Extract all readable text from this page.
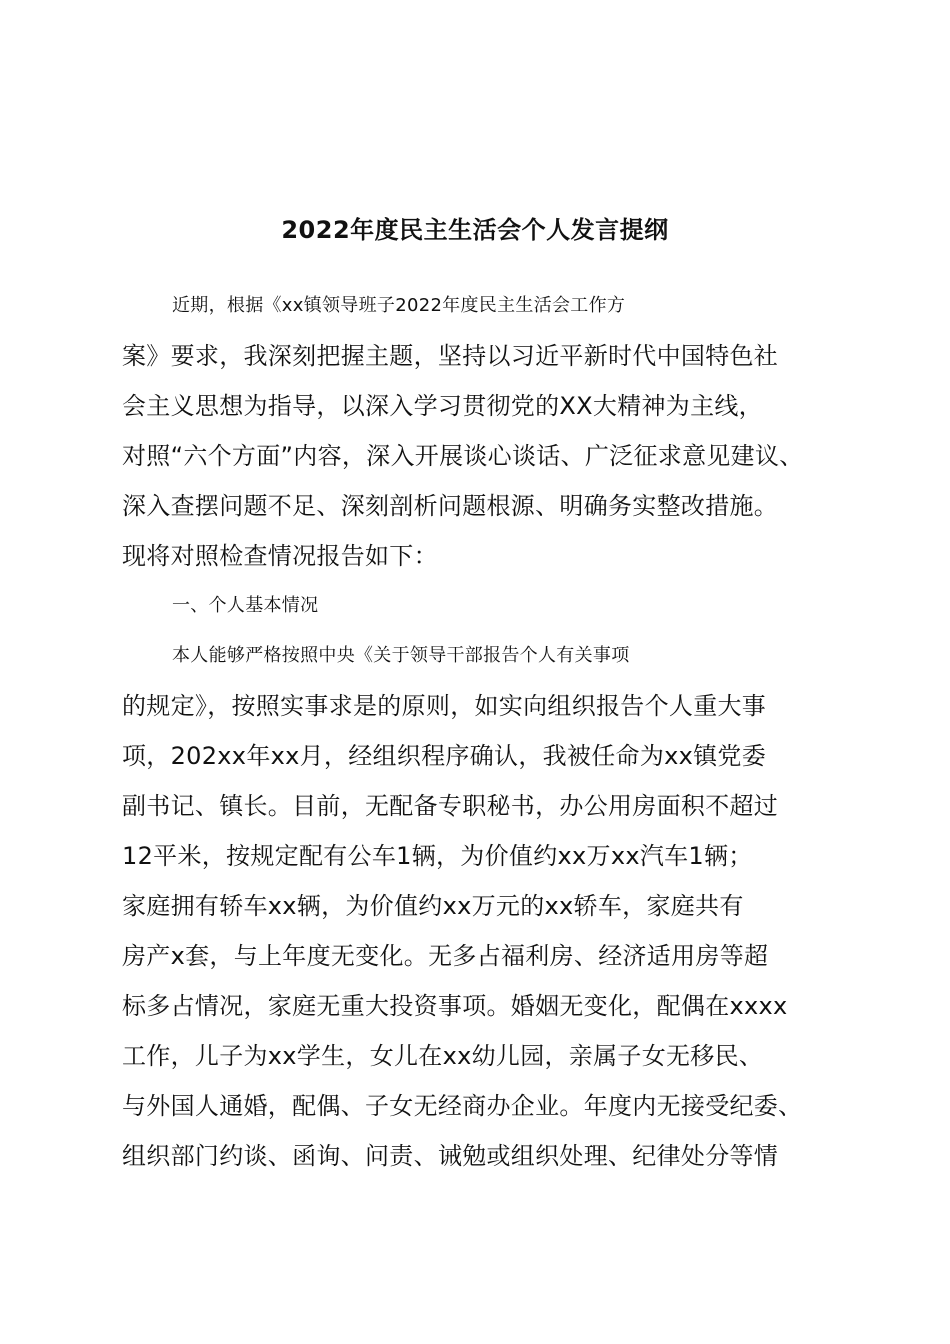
2022年度民主生活会个人发言提纲
近期，根据《xx镇领导班子2022年度民主生活会工作方
案》要求，我深刻把握主题，坚持以习近平新时代中国特色社
会主义思想为指导，以深入学习贯彻党的XX大精神为主线，
对照“六个方面”内容，深入开展谈心谈话、广泛征求意见建议、
深入查摆问题不足、深刻剖析问题根源、明确务实整改措施。
现将对照检查情况报告如下：
一、个人基本情况
本人能够严格按照中央《关于领导干部报告个人有关事项
的规定》，按照实事求是的原则，如实向组织报告个人重大事
项，202xx年xx月，经组织程序确认，我被任命为xx镇党委
副书记、镇长。目前，无配备专职秘书，办公用房面积不超过
12平米，按规定配有公车1辆，为价值约xx万xx汽车1辆；
家庭拥有轿车xx辆，为价值约xx万元的xx轿车，家庭共有
房产x套，与上年度无变化。无多占福利房、经济适用房等超
标多占情况，家庭无重大投资事项。婚姻无变化，配偶在xxxx
工作，儿子为xx学生，女儿在xx幼儿园，亲属子女无移民、
与外国人通婚，配偶、子女无经商办企业。年度内无接受纪委、
组织部门约谈、函询、问责、诫勉或组织处理、纪律处分等情
